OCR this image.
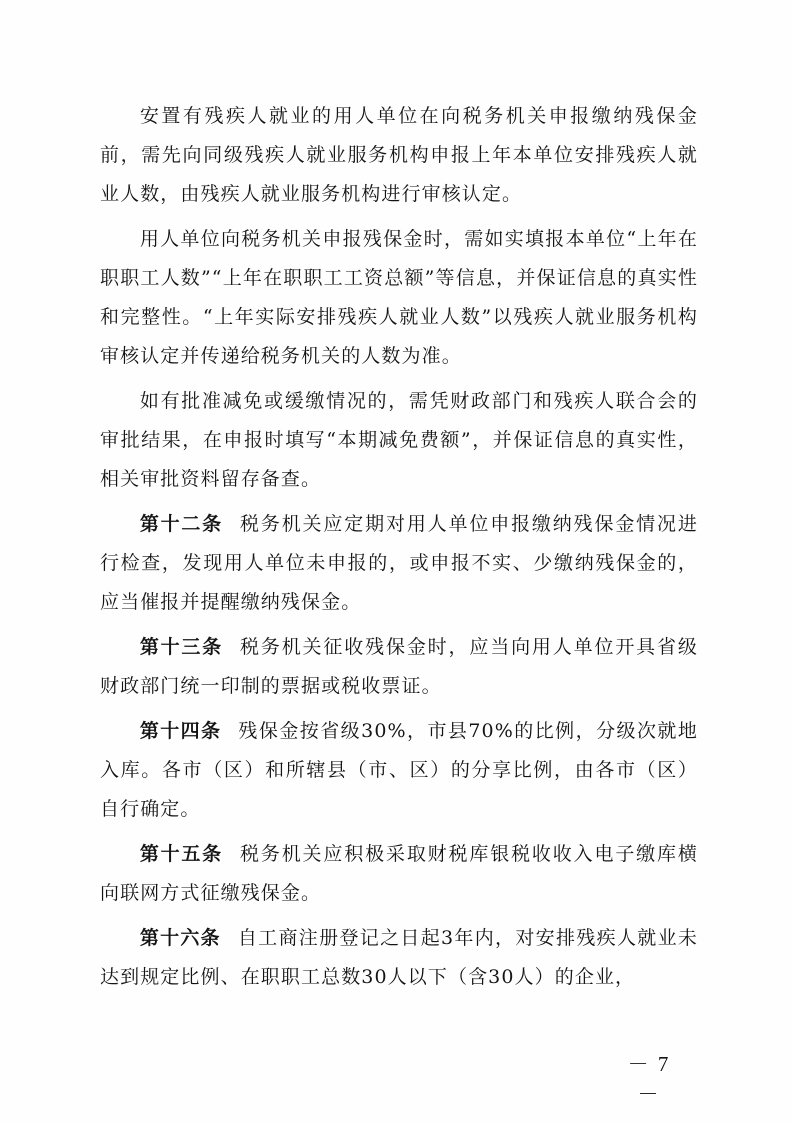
安置有残疾人就业的用人单位在向税务机关申报缴纳残保金前，需先向同级残疾人就业服务机构申报上年本单位安排残疾人就业人数，由残疾人就业服务机构进行审核认定。

用人单位向税务机关申报残保金时，需如实填报本单位“上年在职职工人数”“上年在职职工工资总额”等信息，并保证信息的真实性和完整性。“上年实际安排残疾人就业人数”以残疾人就业服务机构审核认定并传递给税务机关的人数为准。

如有批准减免或缓缴情况的，需凭财政部门和残疾人联合会的审批结果，在申报时填写“本期减免费额”，并保证信息的真实性，相关审批资料留存备查。

第十二条 税务机关应定期对用人单位申报缴纳残保金情况进行检查，发现用人单位未申报的，或申报不实、少缴纳残保金的，应当催报并提醒缴纳残保金。

第十三条 税务机关征收残保金时，应当向用人单位开具省级财政部门统一印制的票据或税收票证。

第十四条 残保金按省级30%，市县70%的比例，分级次就地入库。各市（区）和所辖县（市、区）的分享比例，由各市（区）自行确定。

第十五条 税务机关应积极采取财税库银税收收入电子缴库横向联网方式征缴残保金。

第十六条 自工商注册登记之日起3年内，对安排残疾人就业未达到规定比例、在职职工总数30人以下（含30人）的企业，

－ 7 －
